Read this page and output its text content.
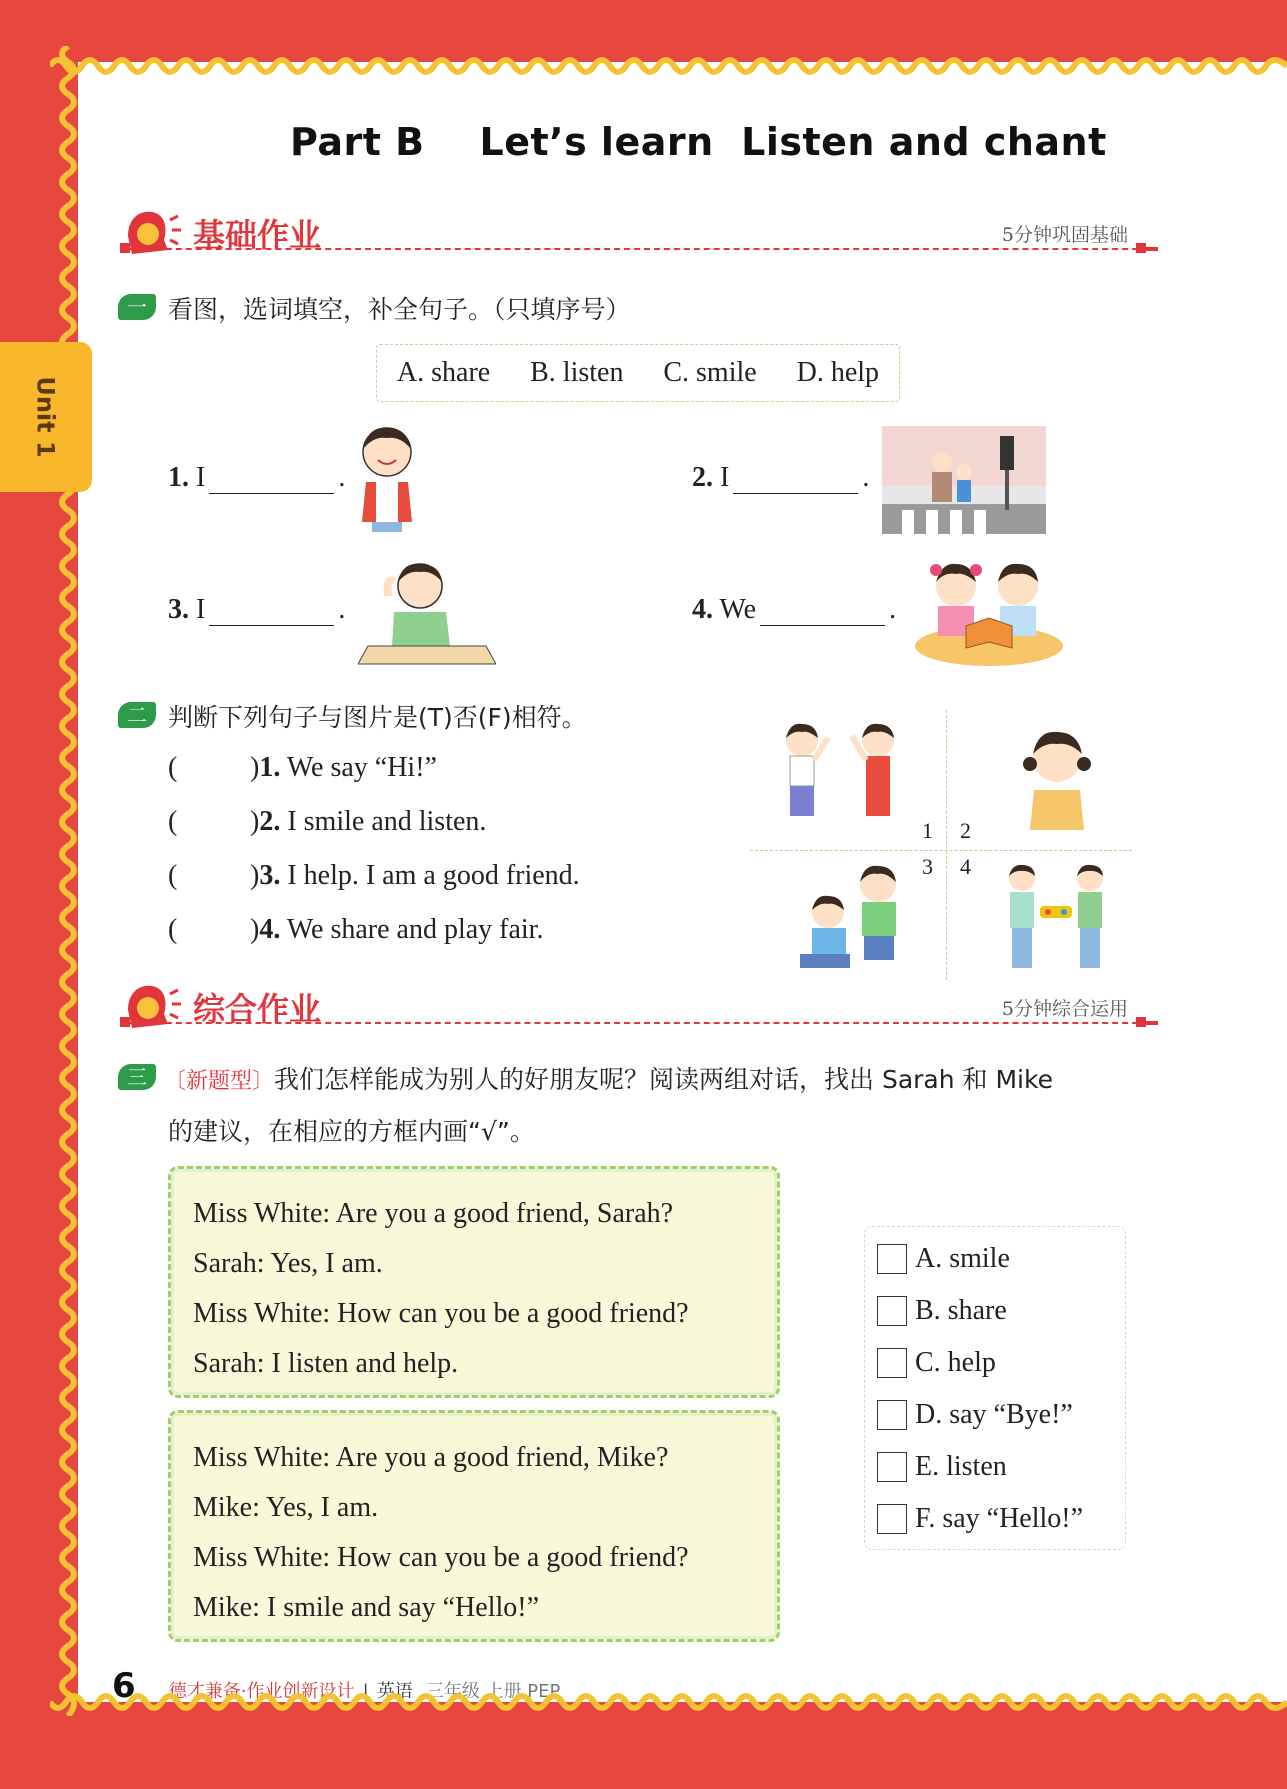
Unit 1
Part B    Let’s learn  Listen and chant
基础作业	5分钟巩固基础
一 看图，选词填空，补全句子。（只填序号）
A. share B. listen C. smile D. help
1. I	.	2. I	.
3. I	.	4. We	.
二 判断下列句子与图片是(T)否(F)相符。
(	)1. We say “Hi!”
(	)2. I smile and listen.
(	)3. I help. I am a good friend.
(	)4. We share and play fair.
1 2
3 4
综合作业	5分钟综合运用
三 〔新题型〕我们怎样能成为别人的好朋友呢？阅读两组对话，找出 Sarah 和 Mike
的建议，在相应的方框内画“√”。
Miss White: Are you a good friend, Sarah?
Sarah: Yes, I am.
Miss White: How can you be a good friend?
Sarah: I listen and help.
Miss White: Are you a good friend, Mike?
Mike: Yes, I am.
Miss White: How can you be a good friend?
Mike: I smile and say “Hello!”
A. smile
B. share
C. help
D. say “Bye!”
E. listen
F. say “Hello!”
6 德才兼备·作业创新设计 | 英语 三年级 上册 PEP
